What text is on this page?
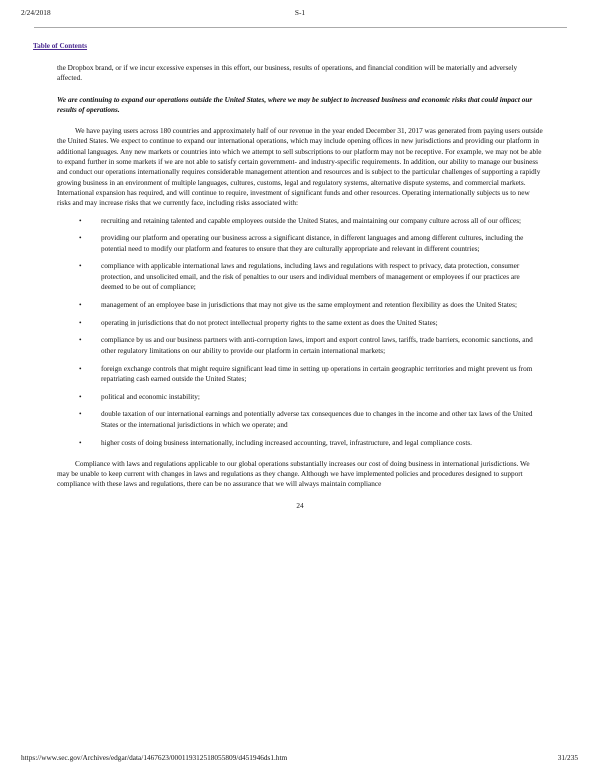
2/24/2018	S-1
Table of Contents

the Dropbox brand, or if we incur excessive expenses in this effort, our business, results of operations, and financial condition will be materially and adversely affected.

We are continuing to expand our operations outside the United States, where we may be subject to increased business and economic risks that could impact our results of operations.

We have paying users across 180 countries and approximately half of our revenue in the year ended December 31, 2017 was generated from paying users outside the United States. We expect to continue to expand our international operations, which may include opening offices in new jurisdictions and providing our platform in additional languages. Any new markets or countries into which we attempt to sell subscriptions to our platform may not be receptive. For example, we may not be able to expand further in some markets if we are not able to satisfy certain government- and industry-specific requirements. In addition, our ability to manage our business and conduct our operations internationally requires considerable management attention and resources and is subject to the particular challenges of supporting a rapidly growing business in an environment of multiple languages, cultures, customs, legal and regulatory systems, alternative dispute systems, and commercial markets. International expansion has required, and will continue to require, investment of significant funds and other resources. Operating internationally subjects us to new risks and may increase risks that we currently face, including risks associated with:

•	recruiting and retaining talented and capable employees outside the United States, and maintaining our company culture across all of our offices;
•	providing our platform and operating our business across a significant distance, in different languages and among different cultures, including the potential need to modify our platform and features to ensure that they are culturally appropriate and relevant in different countries;
•	compliance with applicable international laws and regulations, including laws and regulations with respect to privacy, data protection, consumer protection, and unsolicited email, and the risk of penalties to our users and individual members of management or employees if our practices are deemed to be out of compliance;
•	management of an employee base in jurisdictions that may not give us the same employment and retention flexibility as does the United States;
•	operating in jurisdictions that do not protect intellectual property rights to the same extent as does the United States;
•	compliance by us and our business partners with anti-corruption laws, import and export control laws, tariffs, trade barriers, economic sanctions, and other regulatory limitations on our ability to provide our platform in certain international markets;
•	foreign exchange controls that might require significant lead time in setting up operations in certain geographic territories and might prevent us from repatriating cash earned outside the United States;
•	political and economic instability;
•	double taxation of our international earnings and potentially adverse tax consequences due to changes in the income and other tax laws of the United States or the international jurisdictions in which we operate; and
•	higher costs of doing business internationally, including increased accounting, travel, infrastructure, and legal compliance costs.

Compliance with laws and regulations applicable to our global operations substantially increases our cost of doing business in international jurisdictions. We may be unable to keep current with changes in laws and regulations as they change. Although we have implemented policies and procedures designed to support compliance with these laws and regulations, there can be no assurance that we will always maintain compliance

24
https://www.sec.gov/Archives/edgar/data/1467623/000119312518055809/d451946ds1.htm	31/235
